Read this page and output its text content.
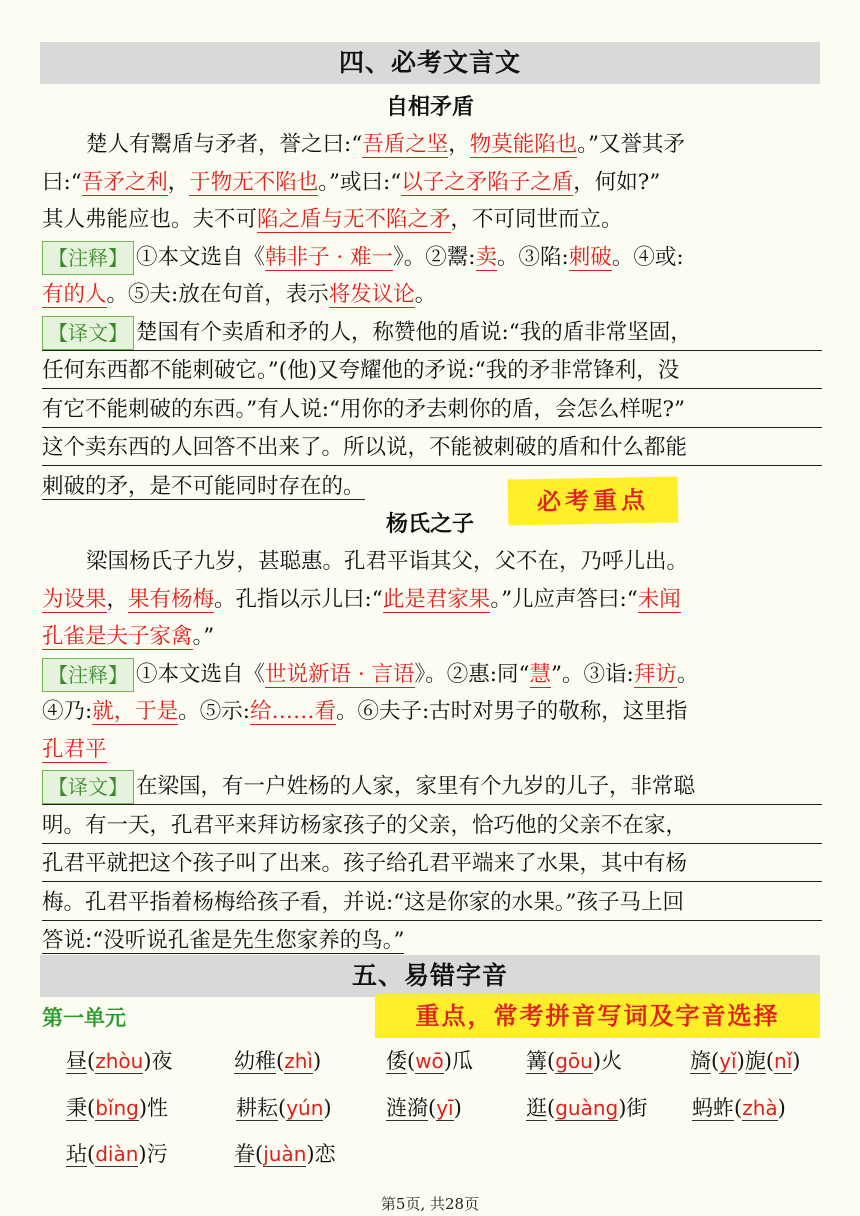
四、必考文言文
自相矛盾
楚人有鬻盾与矛者，誉之曰:“吾盾之坚，物莫能陷也。”又誉其矛
曰:“吾矛之利，于物无不陷也。”或曰:“以子之矛陷子之盾，何如?”
其人弗能应也。夫不可陷之盾与无不陷之矛，不可同世而立。
【注释】 ①本文选自《韩非子 · 难一》。②鬻:卖。③陷:刺破。④或:
有的人。⑤夫:放在句首，表示将发议论。
【译文】 楚国有个卖盾和矛的人，称赞他的盾说:“我的盾非常坚固，
任何东西都不能刺破它。”(他)又夸耀他的矛说:“我的矛非常锋利，没
有它不能刺破的东西。”有人说:“用你的矛去刺你的盾，会怎么样呢?”
这个卖东西的人回答不出来了。所以说，不能被刺破的盾和什么都能
刺破的矛，是不可能同时存在的。	必考重点
杨氏之子
梁国杨氏子九岁，甚聪惠。孔君平诣其父，父不在，乃呼儿出。
为设果，果有杨梅。孔指以示儿曰:“此是君家果。”儿应声答曰:“未闻
孔雀是夫子家禽。”
【注释】 ①本文选自《世说新语 · 言语》。②惠:同“慧”。③诣:拜访。
④乃:就，于是。⑤示:给……看。⑥夫子:古时对男子的敬称，这里指
孔君平
【译文】 在梁国，有一户姓杨的人家，家里有个九岁的儿子，非常聪
明。有一天，孔君平来拜访杨家孩子的父亲，恰巧他的父亲不在家，
孔君平就把这个孩子叫了出来。孩子给孔君平端来了水果，其中有杨
梅。孔君平指着杨梅给孩子看，并说:“这是你家的水果。”孩子马上回
答说:“没听说孔雀是先生您家养的鸟。”
五、易错字音
第一单元	重点，常考拼音写词及字音选择
昼(zhòu)夜	幼稚(zhì)	倭(wō)瓜	篝(gōu)火	旖(yǐ)旎(nǐ)
秉(bǐng)性	耕耘(yún)	涟漪(yī)	逛(guàng)街 蚂蚱(zhà)
玷(diàn)污	眷(juàn)恋
第5页, 共28页
